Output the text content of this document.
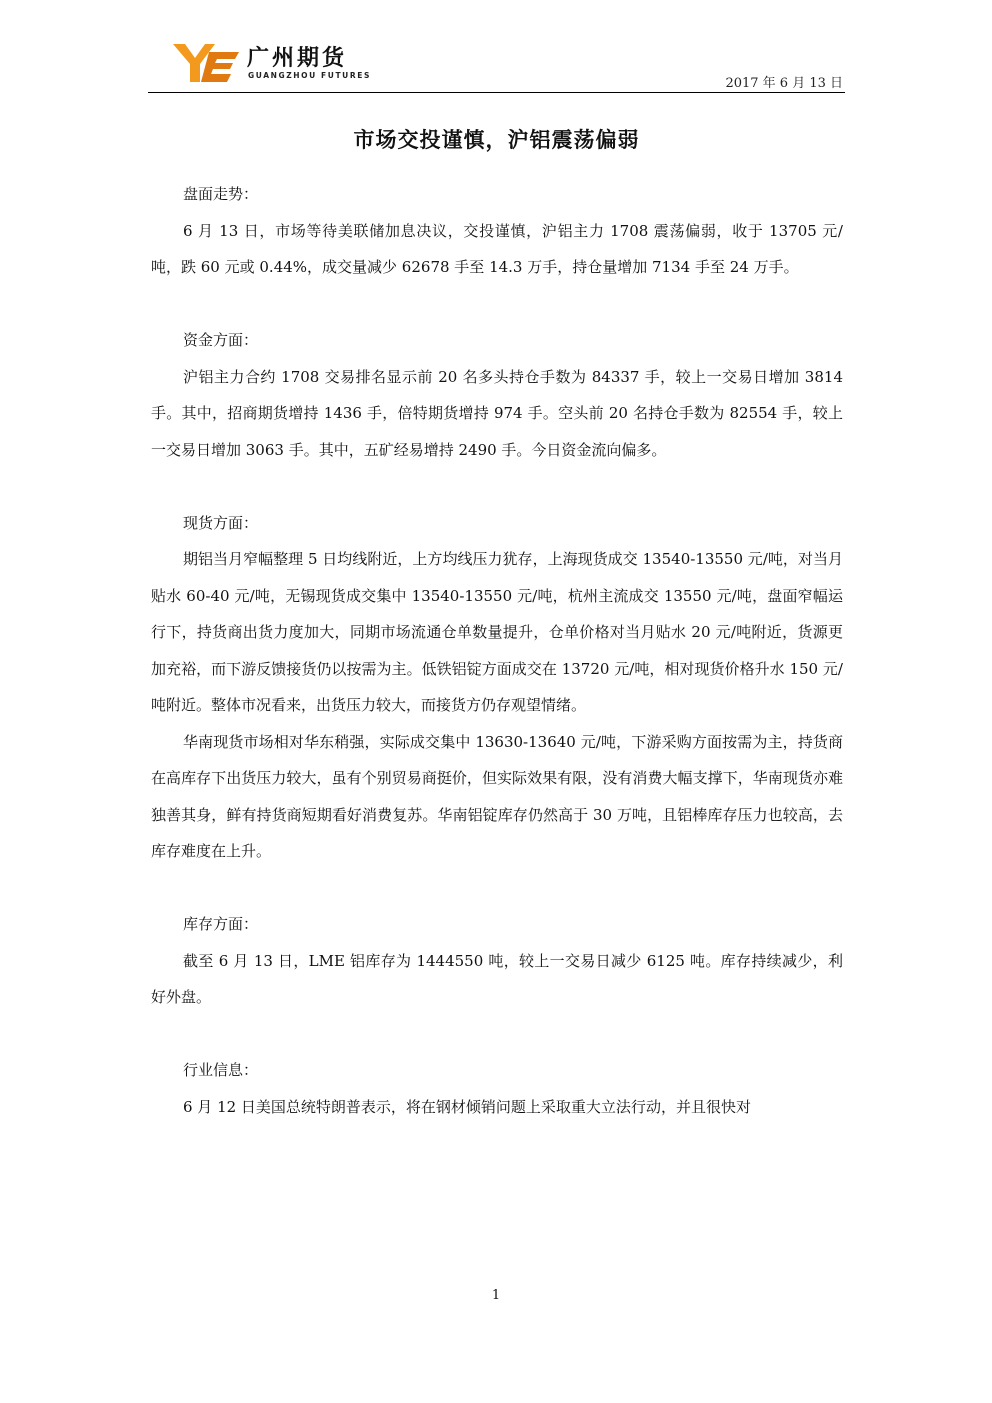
广州期货
GUANGZHOU FUTURES
2017 年 6 月 13 日
市场交投谨慎，沪铝震荡偏弱

盘面走势：

6 月 13 日，市场等待美联储加息决议，交投谨慎，沪铝主力 1708 震荡偏弱，收于 13705 元/吨，跌 60 元或 0.44%，成交量减少 62678 手至 14.3 万手，持仓量增加 7134 手至 24 万手。

资金方面：

沪铝主力合约 1708 交易排名显示前 20 名多头持仓手数为 84337 手，较上一交易日增加 3814 手。其中，招商期货增持 1436 手，倍特期货增持 974 手。空头前 20 名持仓手数为 82554 手，较上一交易日增加 3063 手。其中，五矿经易增持 2490 手。今日资金流向偏多。

现货方面：

期铝当月窄幅整理 5 日均线附近，上方均线压力犹存，上海现货成交 13540-13550 元/吨，对当月贴水 60-40 元/吨，无锡现货成交集中 13540-13550 元/吨，杭州主流成交 13550 元/吨，盘面窄幅运行下，持货商出货力度加大，同期市场流通仓单数量提升，仓单价格对当月贴水 20 元/吨附近，货源更加充裕，而下游反馈接货仍以按需为主。低铁铝锭方面成交在 13720 元/吨，相对现货价格升水 150 元/吨附近。整体市况看来，出货压力较大，而接货方仍存观望情绪。

华南现货市场相对华东稍强，实际成交集中 13630-13640 元/吨，下游采购方面按需为主，持货商在高库存下出货压力较大，虽有个别贸易商挺价，但实际效果有限，没有消费大幅支撑下，华南现货亦难独善其身，鲜有持货商短期看好消费复苏。华南铝锭库存仍然高于 30 万吨，且铝棒库存压力也较高，去库存难度在上升。

库存方面：

截至 6 月 13 日，LME 铝库存为 1444550 吨，较上一交易日减少 6125 吨。库存持续减少，利好外盘。

行业信息：

6 月 12 日美国总统特朗普表示，将在钢材倾销问题上采取重大立法行动，并且很快对

1
